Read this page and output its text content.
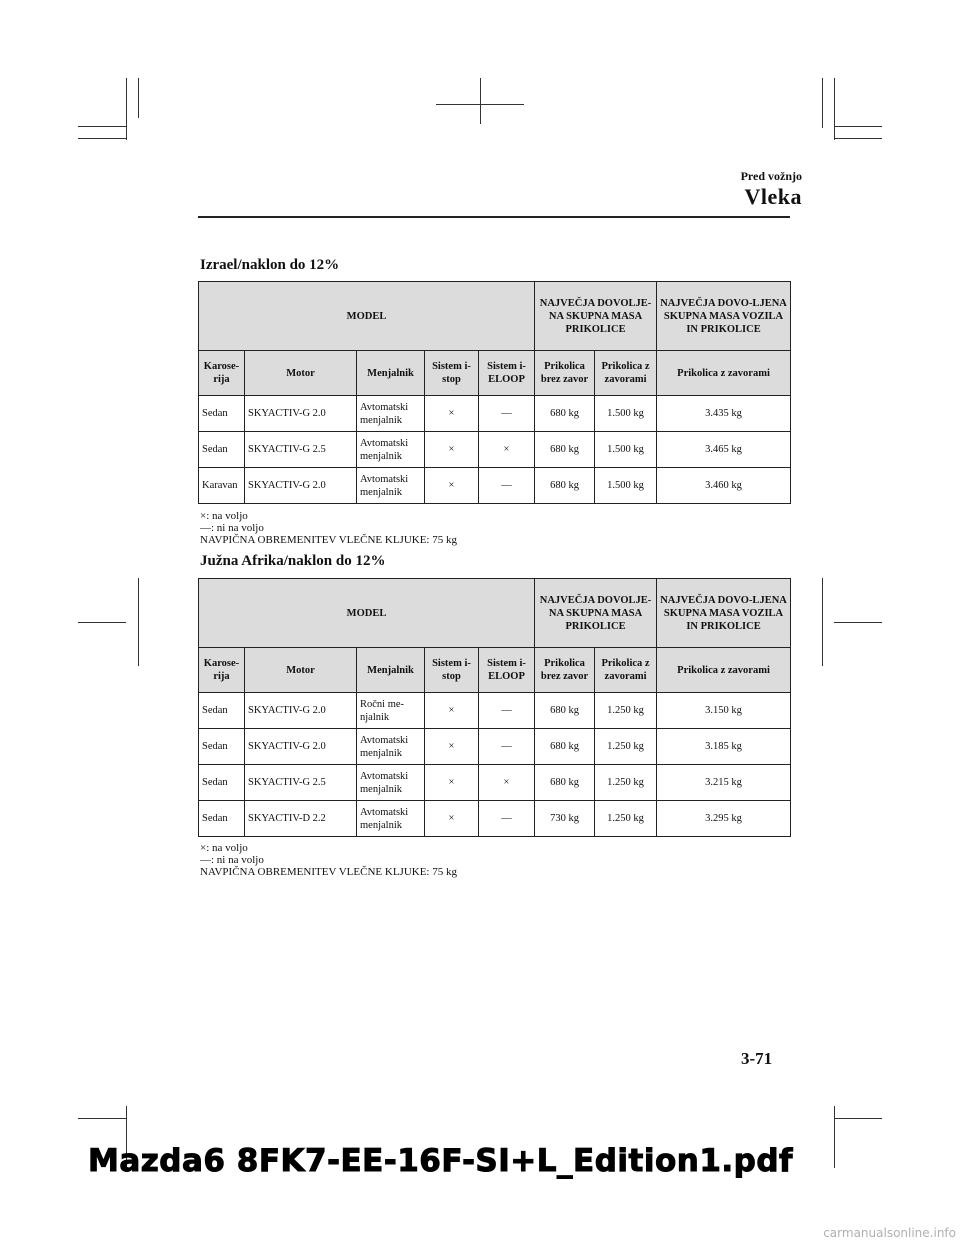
Pred vožnjo
Vleka
Izrael/naklon do 12%
MODEL					NAJVEČJA DOVOLJE-NA SKUPNA MASA PRIKOLICE		NAJVEČJA DOVO-LJENA SKUPNA MASA VOZILA IN PRIKOLICE
Karose-rija	Motor	Menjalnik	Sistem i-stop	Sistem i-ELOOP	Prikolica brez zavor	Prikolica z zavorami	Prikolica z zavorami
Sedan	SKYACTIV-G 2.0	Avtomatski menjalnik	×	—	680 kg	1.500 kg	3.435 kg
Sedan	SKYACTIV-G 2.5	Avtomatski menjalnik	×	×	680 kg	1.500 kg	3.465 kg
Karavan	SKYACTIV-G 2.0	Avtomatski menjalnik	×	—	680 kg	1.500 kg	3.460 kg
×: na voljo
—: ni na voljo
NAVPIČNA OBREMENITEV VLEČNE KLJUKE: 75 kg
Južna Afrika/naklon do 12%
MODEL					NAJVEČJA DOVOLJE-NA SKUPNA MASA PRIKOLICE		NAJVEČJA DOVO-LJENA SKUPNA MASA VOZILA IN PRIKOLICE
Karose-rija	Motor	Menjalnik	Sistem i-stop	Sistem i-ELOOP	Prikolica brez zavor	Prikolica z zavorami	Prikolica z zavorami
Sedan	SKYACTIV-G 2.0	Ročni me-njalnik	×	—	680 kg	1.250 kg	3.150 kg
Sedan	SKYACTIV-G 2.0	Avtomatski menjalnik	×	—	680 kg	1.250 kg	3.185 kg
Sedan	SKYACTIV-G 2.5	Avtomatski menjalnik	×	×	680 kg	1.250 kg	3.215 kg
Sedan	SKYACTIV-D 2.2	Avtomatski menjalnik	×	—	730 kg	1.250 kg	3.295 kg
×: na voljo
—: ni na voljo
NAVPIČNA OBREMENITEV VLEČNE KLJUKE: 75 kg
3-71
Mazda6 8FK7-EE-16F-SI+L_Edition1.pdf
carmanualsonline.info
